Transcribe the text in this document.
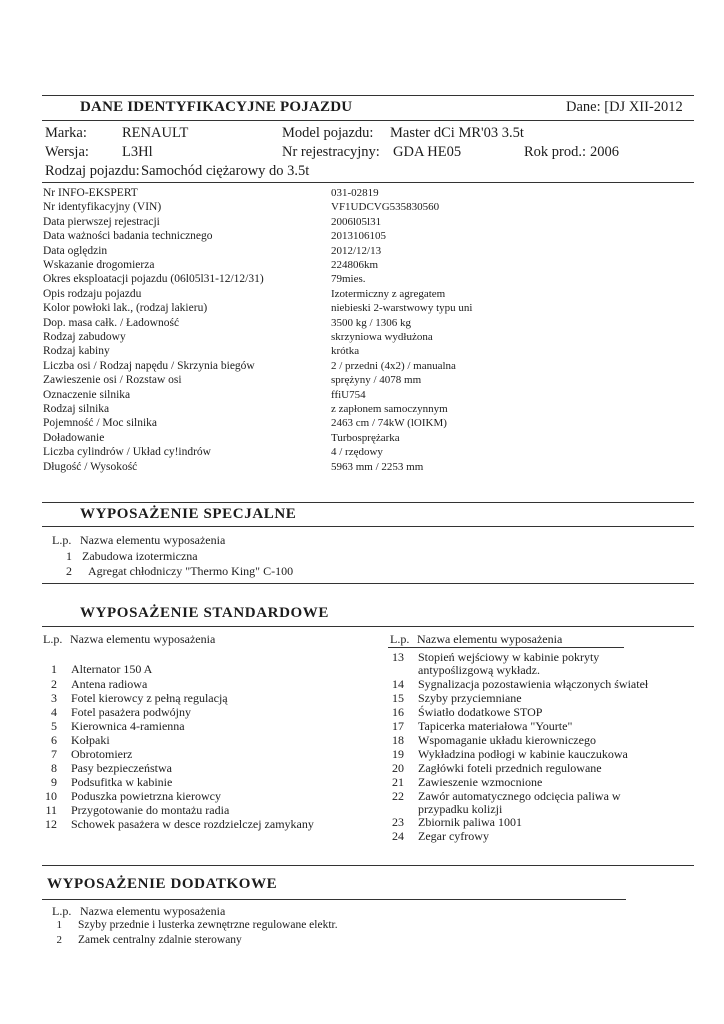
DANE IDENTYFIKACYJNE POJAZDU	Dane: [DJ XII-2012
Marka: RENAULT	Model pojazdu: Master dCi MR'03 3.5t
Wersja: L3Hl	Nr rejestracyjny: GDA HE05	Rok prod.: 2006
Rodzaj pojazdu: Samochód ciężarowy do 3.5t
Nr INFO-EKSPERT	031-02819
Nr identyfikacyjny (VIN)	VF1UDCVG535830560
Data pierwszej rejestracji	2006l05l31
Data ważności badania technicznego	2013106105
Data oględzin	2012/12/13
Wskazanie drogomierza	224806km
Okres eksploatacji pojazdu (06l05l31-12/12/31)	79mies.
Opis rodzaju pojazdu	Izotermiczny z agregatem
Kolor powłoki lak., (rodzaj lakieru)	niebieski 2-warstwowy typu uni
Dop. masa całk. / Ładowność	3500 kg / 1306 kg
Rodzaj zabudowy	skrzyniowa wydłużona
Rodzaj kabiny	krótka
Liczba osi / Rodzaj napędu / Skrzynia biegów	2 / przedni (4x2) / manualna
Zawieszenie osi / Rozstaw osi	sprężyny / 4078 mm
Oznaczenie silnika	ffiU754
Rodzaj silnika	z zapłonem samoczynnym
Pojemność / Moc silnika	2463 cm / 74kW (lOIKM)
Doładowanie	Turbosprężarka
Liczba cylindrów / Układ cy!indrów	4 / rzędowy
Długość / Wysokość	5963 mm / 2253 mm
WYPOSAŻENIE SPECJALNE
L.p. Nazwa elementu wyposażenia
1 Zabudowa izotermiczna
2 Agregat chłodniczy "Thermo King" C-100
WYPOSAŻENIE STANDARDOWE
L.p. Nazwa elementu wyposażenia	L.p. Nazwa elementu wyposażenia
1 Alternator 150 A
2 Antena radiowa
3 Fotel kierowcy z pełną regulacją
4 Fotel pasażera podwójny
5 Kierownica 4-ramienna
6 Kołpaki
7 Obrotomierz
8 Pasy bezpieczeństwa
9 Podsufitka w kabinie
10 Poduszka powietrzna kierowcy
11 Przygotowanie do montażu radia
12 Schowek pasażera w desce rozdzielczej zamykany
13 Stopień wejściowy w kabinie pokryty
antypoślizgową wykładz.
14 Sygnalizacja pozostawienia włączonych świateł
15 Szyby przyciemniane
16 Światło dodatkowe STOP
17 Tapicerka materiałowa "Yourte"
18 Wspomaganie układu kierowniczego
19 Wykładzina podłogi w kabinie kauczukowa
20 Zagłówki foteli przednich regulowane
21 Zawieszenie wzmocnione
22 Zawór automatycznego odcięcia paliwa w
przypadku kolizji
23 Zbiornik paliwa 1001
24 Zegar cyfrowy
WYPOSAŻENIE DODATKOWE
L.p. Nazwa elementu wyposażenia
1 Szyby przednie i lusterka zewnętrzne regulowane elektr.
2 Zamek centralny zdalnie sterowany
